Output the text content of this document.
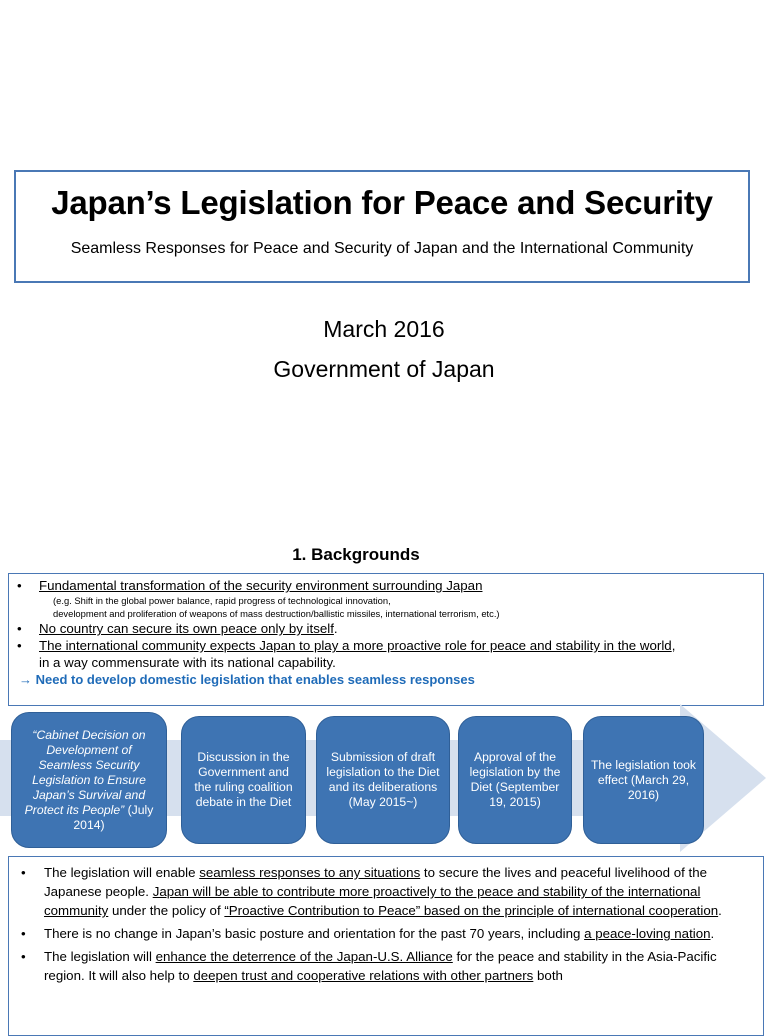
Japan’s Legislation for Peace and Security
Seamless Responses for Peace and Security of Japan and the International Community
March 2016
Government of Japan
1. Backgrounds
• Fundamental transformation of the security environment surrounding Japan
(e.g. Shift in the global power balance, rapid progress of technological innovation,
development and proliferation of weapons of mass destruction/ballistic missiles, international terrorism, etc.)
• No country can secure its own peace only by itself.
• The international community expects Japan to play a more proactive role for peace and stability in the world,
in a way commensurate with its national capability.
→ Need to develop domestic legislation that enables seamless responses
“Cabinet Decision on Development of Seamless Security Legislation to Ensure Japan’s Survival and Protect its People” (July 2014)
Discussion in the Government and the ruling coalition debate in the Diet
Submission of draft legislation to the Diet and its deliberations (May 2015~)
Approval of the legislation by the Diet (September 19, 2015)
The legislation took effect (March 29, 2016)
• The legislation will enable seamless responses to any situations to secure the lives and peaceful livelihood of the Japanese people. Japan will be able to contribute more proactively to the peace and stability of the international community under the policy of “Proactive Contribution to Peace” based on the principle of international cooperation.
• There is no change in Japan’s basic posture and orientation for the past 70 years, including a peace-loving nation.
• The legislation will enhance the deterrence of the Japan-U.S. Alliance for the peace and stability in the Asia-Pacific region. It will also help to deepen trust and cooperative relations with other partners both
